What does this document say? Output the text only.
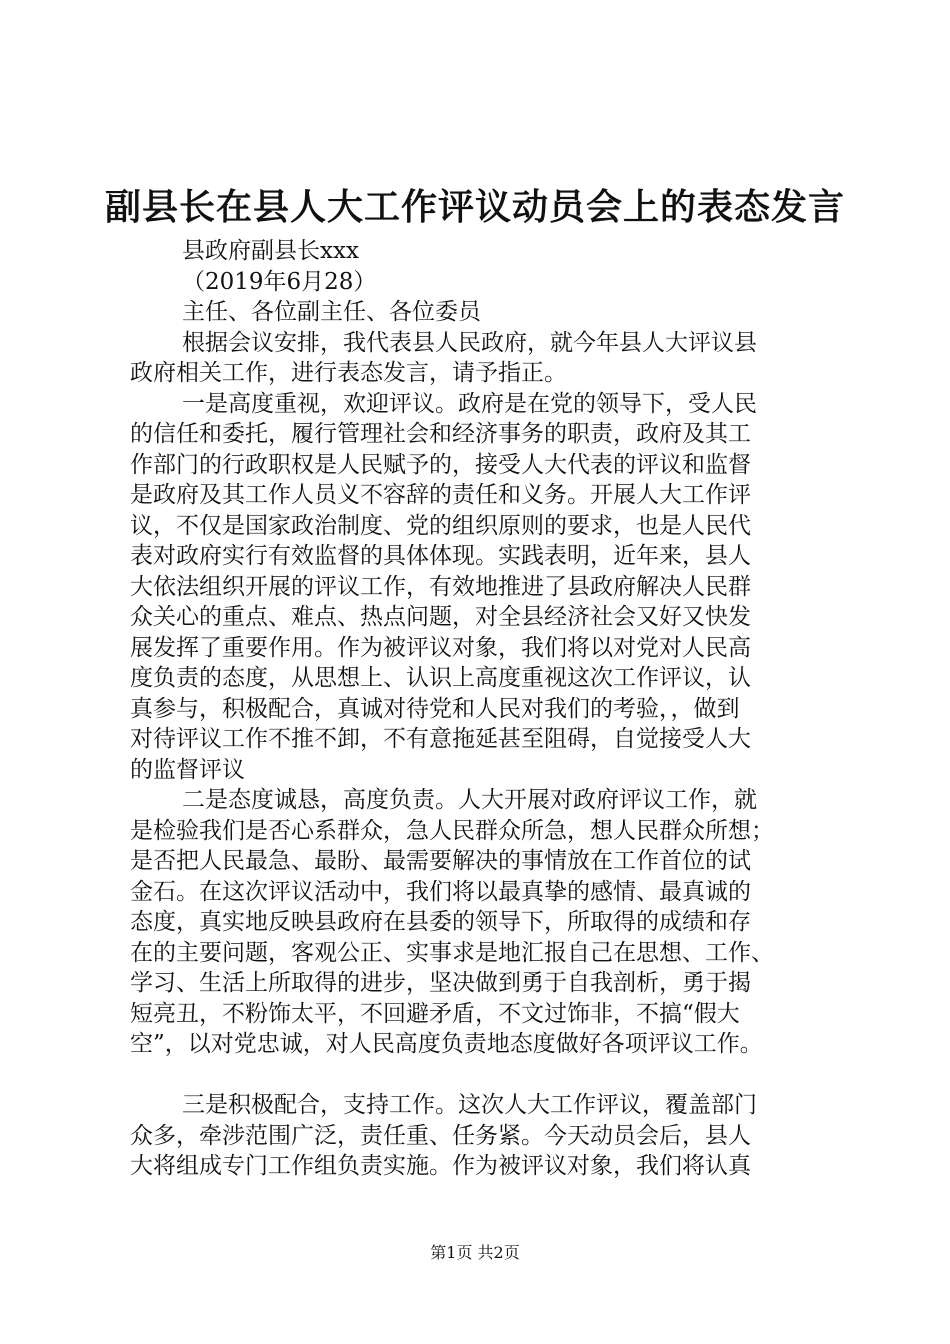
副县长在县人大工作评议动员会上的表态发言
县政府副县长xxx
（2019年6月28）
主任、各位副主任、各位委员
根据会议安排，我代表县人民政府，就今年县人大评议县
政府相关工作，进行表态发言，请予指正。
一是高度重视，欢迎评议。政府是在党的领导下，受人民
的信任和委托，履行管理社会和经济事务的职责，政府及其工
作部门的行政职权是人民赋予的，接受人大代表的评议和监督
是政府及其工作人员义不容辞的责任和义务。开展人大工作评
议，不仅是国家政治制度、党的组织原则的要求，也是人民代
表对政府实行有效监督的具体体现。实践表明，近年来，县人
大依法组织开展的评议工作，有效地推进了县政府解决人民群
众关心的重点、难点、热点问题，对全县经济社会又好又快发
展发挥了重要作用。作为被评议对象，我们将以对党对人民高
度负责的态度，从思想上、认识上高度重视这次工作评议，认
真参与，积极配合，真诚对待党和人民对我们的考验，，做到
对待评议工作不推不卸，不有意拖延甚至阻碍，自觉接受人大
的监督评议
二是态度诚恳，高度负责。人大开展对政府评议工作，就
是检验我们是否心系群众，急人民群众所急，想人民群众所想；
是否把人民最急、最盼、最需要解决的事情放在工作首位的试
金石。在这次评议活动中，我们将以最真挚的感情、最真诚的
态度，真实地反映县政府在县委的领导下，所取得的成绩和存
在的主要问题，客观公正、实事求是地汇报自己在思想、工作、
学习、生活上所取得的进步，坚决做到勇于自我剖析，勇于揭
短亮丑，不粉饰太平，不回避矛盾，不文过饰非，不搞“假大
空”，以对党忠诚，对人民高度负责地态度做好各项评议工作。
三是积极配合，支持工作。这次人大工作评议，覆盖部门
众多，牵涉范围广泛，责任重、任务紧。今天动员会后，县人
大将组成专门工作组负责实施。作为被评议对象，我们将认真
第1页 共2页
